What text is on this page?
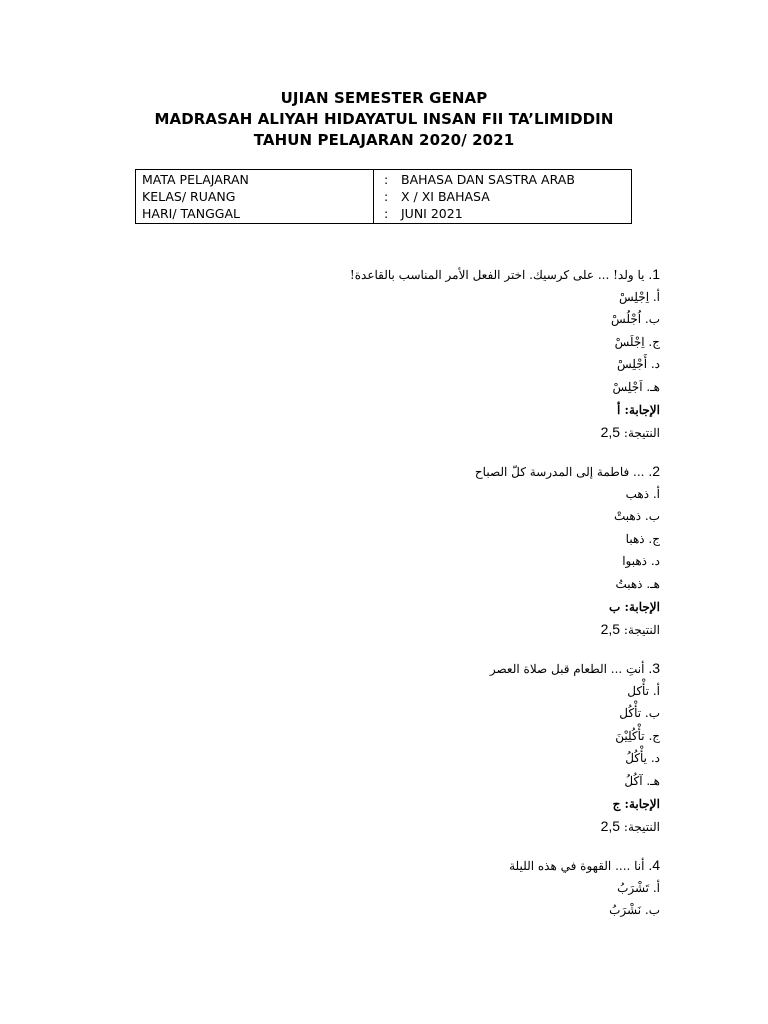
UJIAN SEMESTER GENAP
MADRASAH ALIYAH HIDAYATUL INSAN FII TA’LIMIDDIN
TAHUN PELAJARAN 2020/ 2021
MATA PELAJARAN	: BAHASA DAN SASTRA ARAB
KELAS/ RUANG	: X / XI BAHASA
HARI/ TANGGAL	: JUNI 2021
1. يا ولد! ... على كرسيك. اختر الفعل الأمر المناسب بالقاعدة!
أ. اِجْلِسْ
ب. اُجْلُسْ
ج. اِجْلَسْ
د. أَجْلِسْ
هـ. اَجْلِسْ
الإجابة: أ
النتيجة: 2,5
2. ... فاطمة إلى المدرسة كلّ الصباح
أ. ذهب
ب. ذهبتْ
ج. ذهبا
د. ذهبوا
هـ. ذهبتُ
الإجابة: ب
النتيجة: 2,5
3. أنتِ ... الطعام قبل صلاة العصر
أ. تأْكل
ب. تأْكُل
ج. تأْكُلِيْنَ
د. يأْكُلُ
هـ. آكُلُ
الإجابة: ج
النتيجة: 2,5
4. أنا .... القهوة في هذه الليلة
أ. تَشْرَبُ
ب. نَشْرَبُ
